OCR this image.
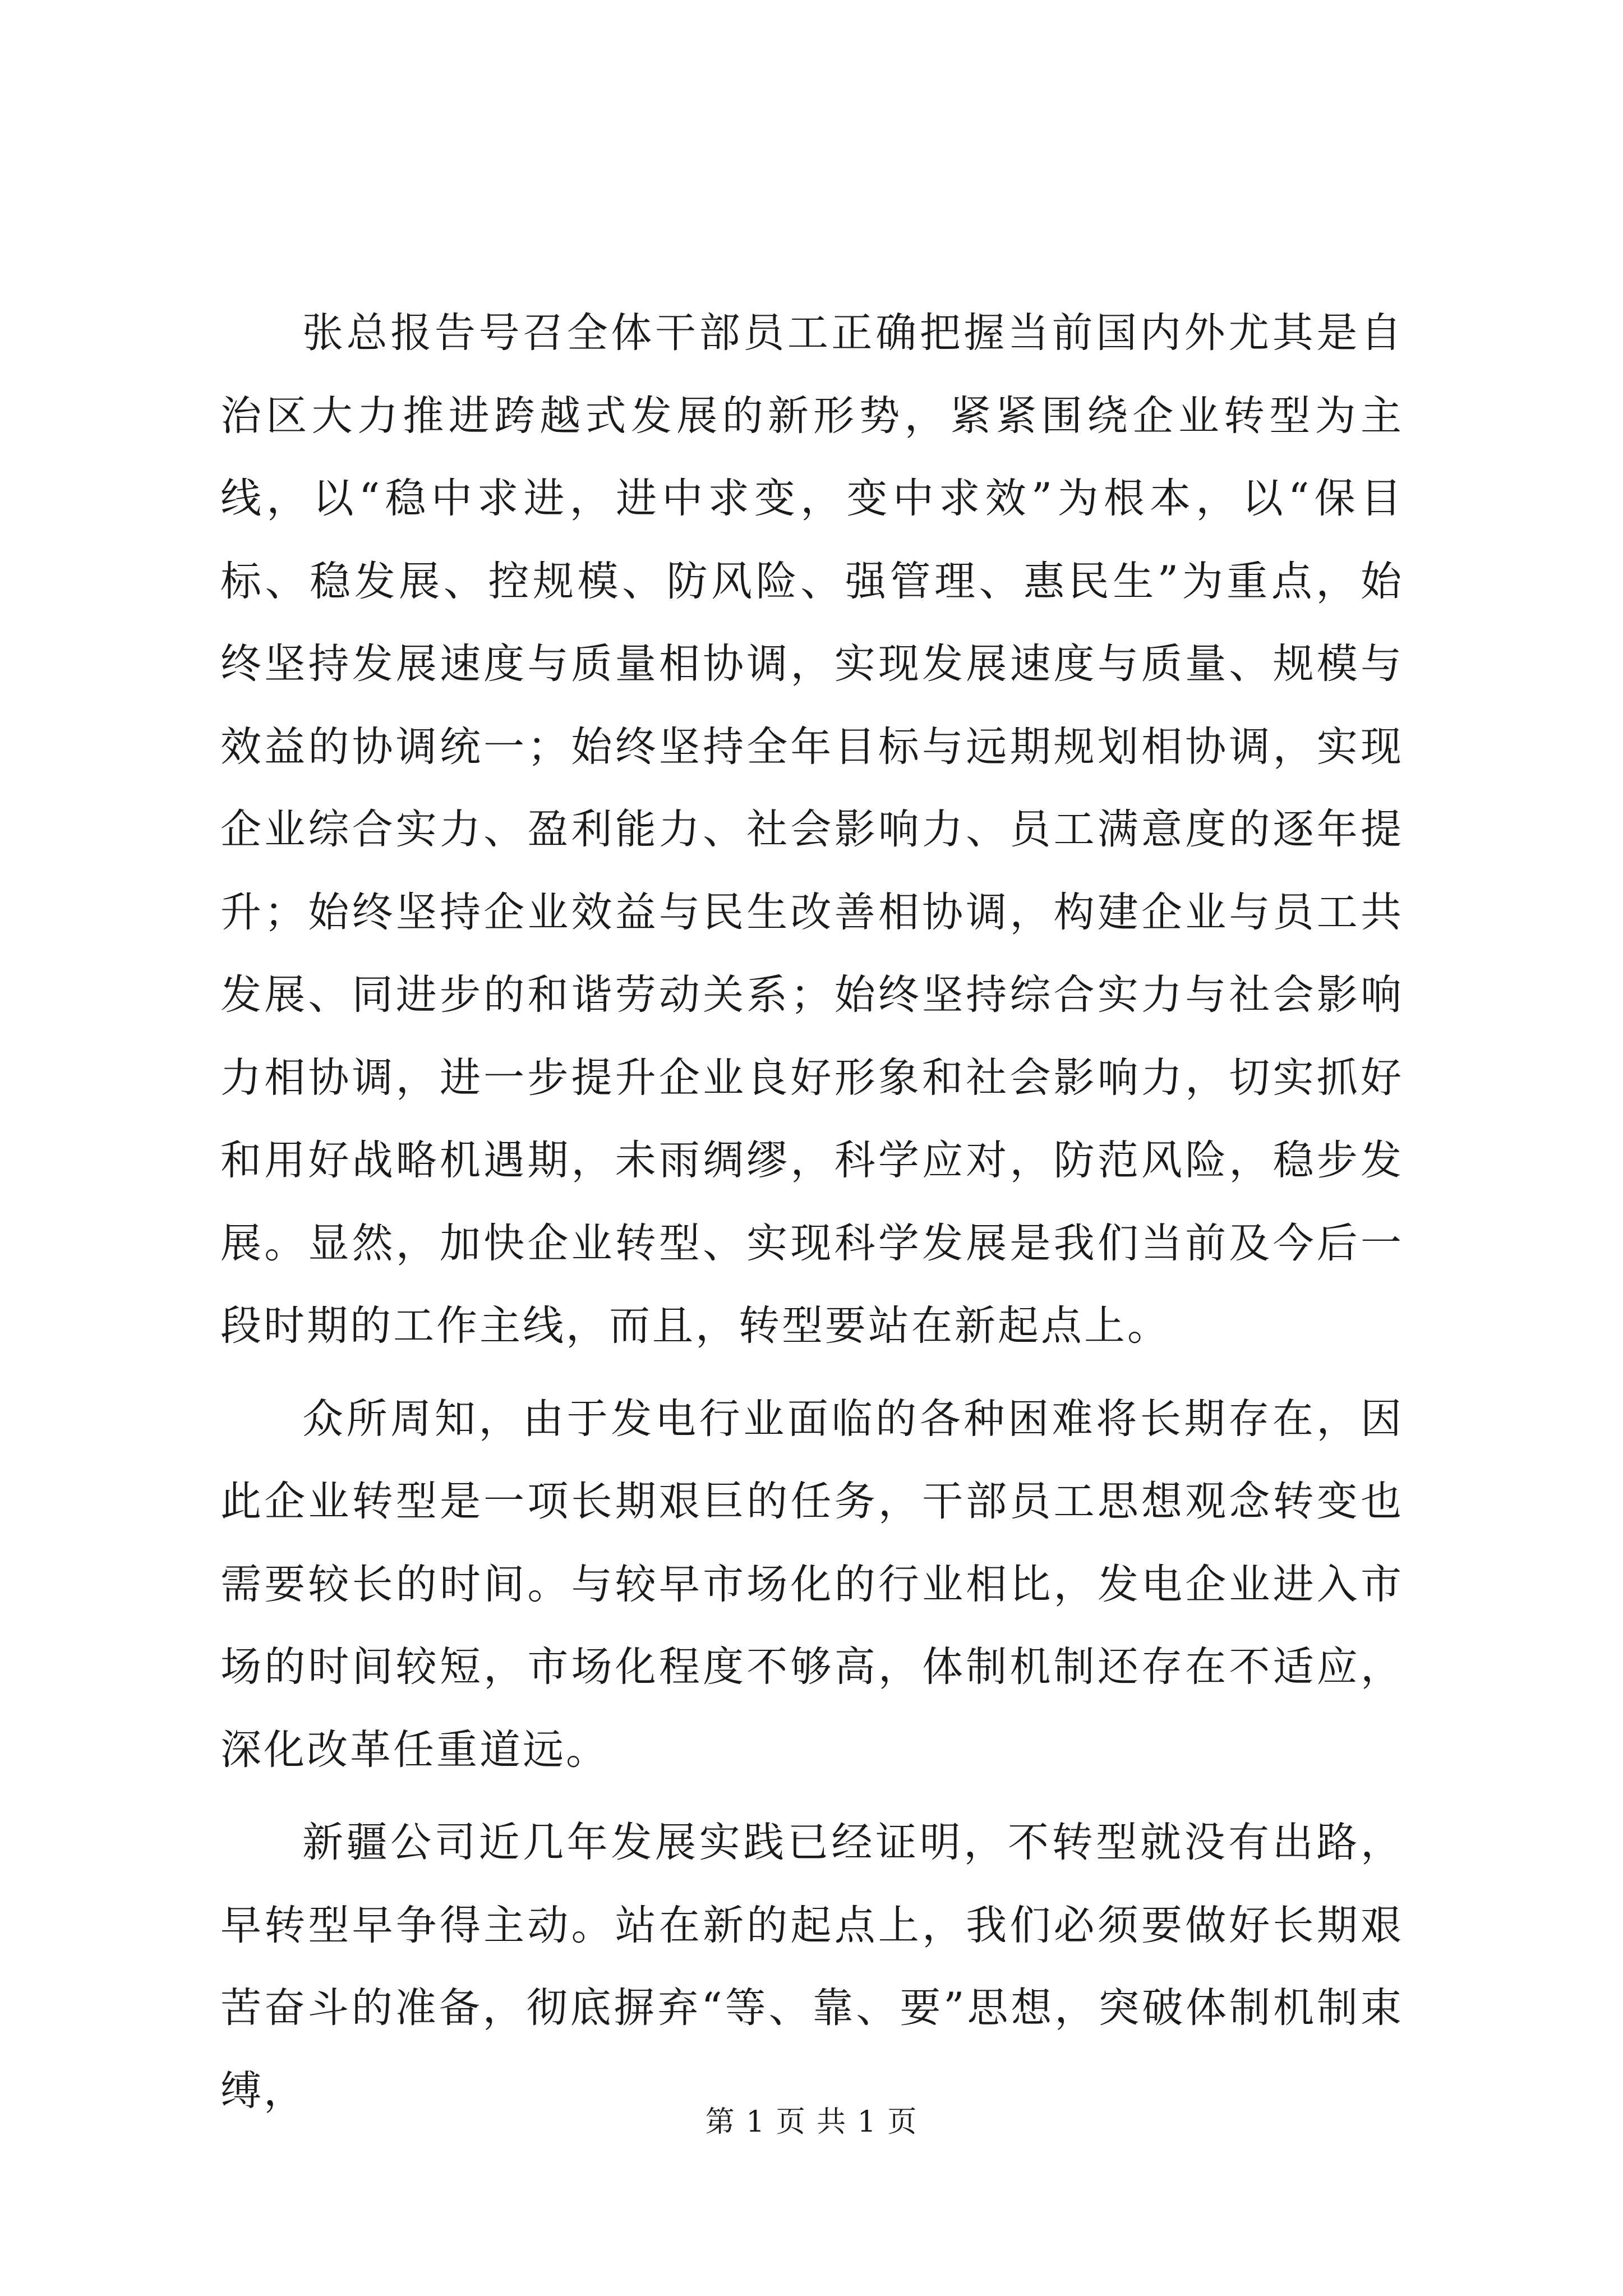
张总报告号召全体干部员工正确把握当前国内外尤其是自治区大力推进跨越式发展的新形势，紧紧围绕企业转型为主线，以“稳中求进，进中求变，变中求效”为根本，以“保目标、稳发展、控规模、防风险、强管理、惠民生”为重点，始终坚持发展速度与质量相协调，实现发展速度与质量、规模与效益的协调统一；始终坚持全年目标与远期规划相协调，实现企业综合实力、盈利能力、社会影响力、员工满意度的逐年提升；始终坚持企业效益与民生改善相协调，构建企业与员工共发展、同进步的和谐劳动关系；始终坚持综合实力与社会影响力相协调，进一步提升企业良好形象和社会影响力，切实抓好和用好战略机遇期，未雨绸缪，科学应对，防范风险，稳步发展。显然，加快企业转型、实现科学发展是我们当前及今后一段时期的工作主线，而且，转型要站在新起点上。

众所周知，由于发电行业面临的各种困难将长期存在，因此企业转型是一项长期艰巨的任务，干部员工思想观念转变也需要较长的时间。与较早市场化的行业相比，发电企业进入市场的时间较短，市场化程度不够高，体制机制还存在不适应，深化改革任重道远。

新疆公司近几年发展实践已经证明，不转型就没有出路，早转型早争得主动。站在新的起点上，我们必须要做好长期艰苦奋斗的准备，彻底摒弃“等、靠、要”思想，突破体制机制束缚，

第 1 页 共 1 页
